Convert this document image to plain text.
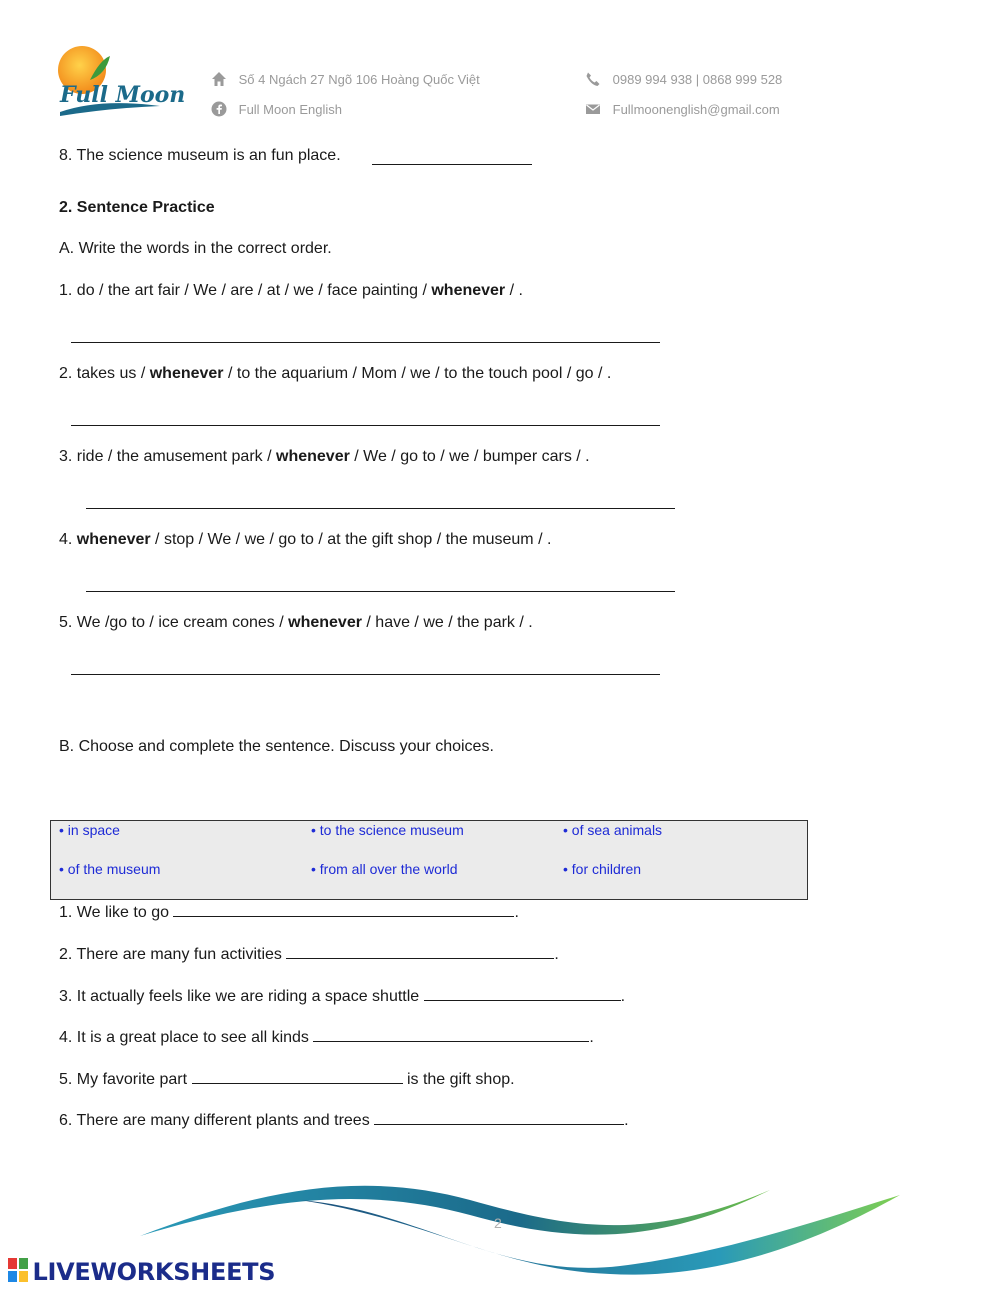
Full Moon
Số 4 Ngách 27 Ngõ 106 Hoàng Quốc Việt
Full Moon English
0989 994 938 | 0868 999 528
Fullmoonenglish@gmail.com
8. The science museum is an fun place.
2. Sentence Practice
A. Write the words in the correct order.
1. do / the art fair / We / are / at / we / face painting / whenever / .
2. takes us / whenever / to the aquarium / Mom / we / to the touch pool / go / .
3. ride / the amusement park / whenever / We / go to / we / bumper cars / .
4. whenever / stop / We / we / go to / at the gift shop / the museum / .
5. We /go to / ice cream cones / whenever / have / we / the park / .
B. Choose and complete the sentence. Discuss your choices.
• in space	• to the science museum	• of sea animals
• of the museum	• from all over the world	• for children
1. We like to go	.
2. There are many fun activities	.
3. It actually feels like we are riding a space shuttle	.
4. It is a great place to see all kinds	.
5. My favorite part	is the gift shop.
6. There are many different plants and trees	.
2
LIVEWORKSHEETS
